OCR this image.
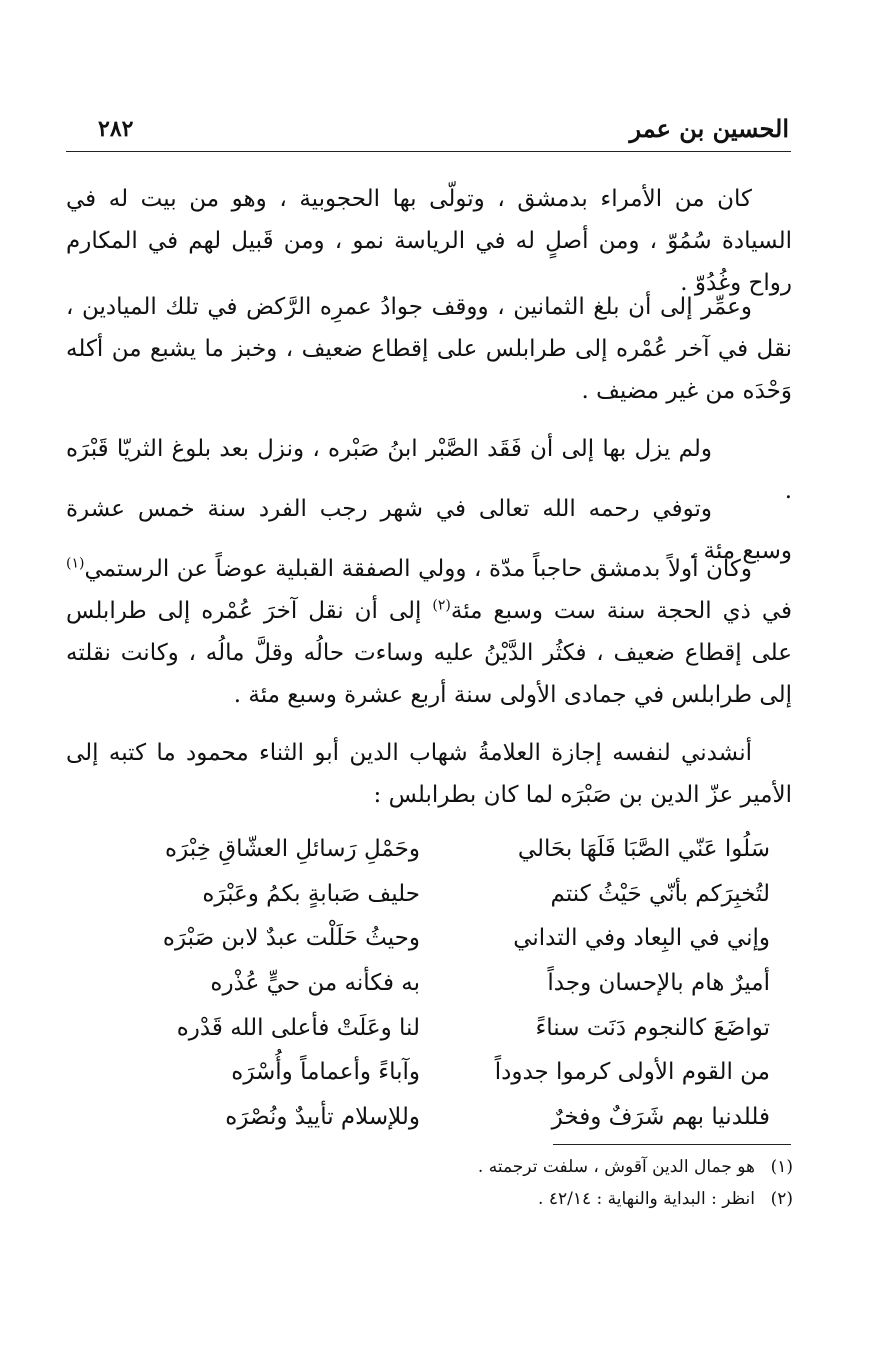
الحسين بن عمر
٢٨٢
كان من الأمراء بدمشق ، وتولّى بها الحجوبية ، وهو من بيت له في السيادة سُمُوّ ، ومن أصلٍ له في الرياسة نمو ، ومن قَبيل لهم في المكارم رواح وغُدُوّ .
وعمِّر إلى أن بلغ الثمانين ، ووقف جوادُ عمرِه الرَّكض في تلك الميادين ، نقل في آخر عُمْره إلى طرابلس على إقطاع ضعيف ، وخبز ما يشبع من أكله وَحْدَه من غير مضيف .
ولم يزل بها إلى أن فَقَد الصَّبْر ابنُ صَبْره ، ونزل بعد بلوغ الثريّا قَبْرَه .
وتوفي رحمه الله تعالى في شهر رجب الفرد سنة خمس عشرة وسبع مئة .
وكان أولاً بدمشق حاجباً مدّة ، وولي الصفقة القبلية عوضاً عن الرستمي$^{(١)}$ في ذي الحجة سنة ست وسبع مئة$^{(٢)}$ إلى أن نقل آخرَ عُمْره إلى طرابلس على إقطاع ضعيف ، فكثُر الدَّيْنُ عليه وساءت حالُه وقلَّ مالُه ، وكانت نقلته إلى طرابلس في جمادى الأولى سنة أربع عشرة وسبع مئة .
أنشدني لنفسه إجازة العلامةُ شهاب الدين أبو الثناء محمود ما كتبه إلى الأمير عزّ الدين بن صَبْرَه لما كان بطرابلس :
سَلُوا عَنّي الصَّبَا فَلَهَا بحَالي
وحَمْلِ رَسائلِ العشّاقِ خِبْرَه
لتُخبِرَكم بأنّي حَيْثُ كنتم
حليف صَبابةٍ بكمُ وعَبْرَه
وإني في البِعاد وفي التداني
وحيثُ حَلَلْت عبدٌ لابن صَبْرَه
أميرٌ هام بالإحسان وجداً
به فكأنه من حيٍّ عُذْره
تواضَعَ كالنجوم دَنَت سناءً
لنا وعَلَتْ فأعلى الله قَدْره
من القوم الأولى كرموا جدوداً
وآباءً وأعماماً وأُسْرَه
فللدنيا بهم شَرَفٌ وفخرٌ
وللإسلام تأييدٌ ونُصْرَه
(١)هو جمال الدين آقوش ، سلفت ترجمته .
(٢)انظر : البداية والنهاية : ٤٢/١٤ .
